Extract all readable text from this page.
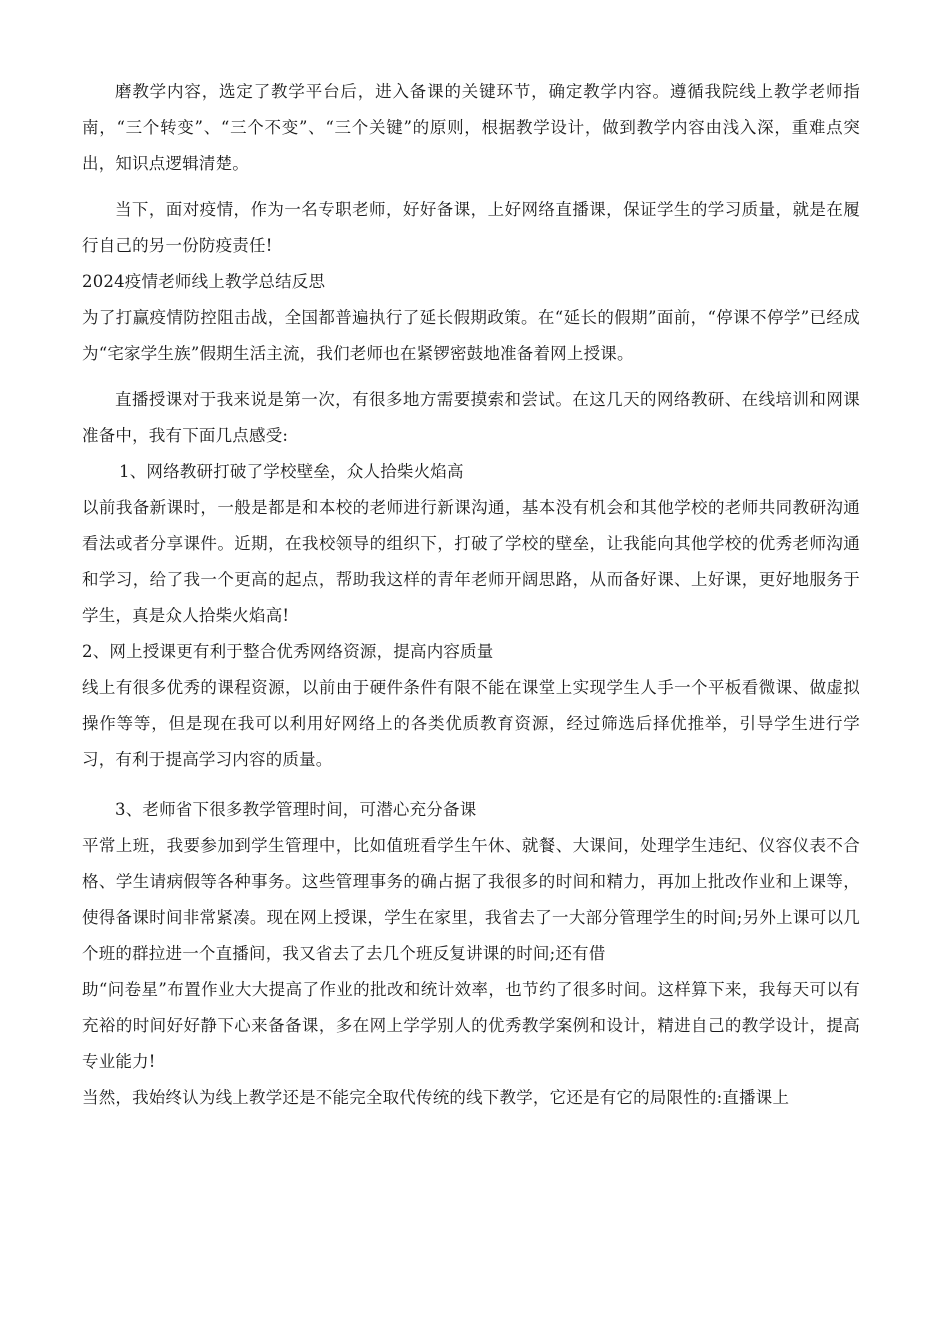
磨教学内容，选定了教学平台后，进入备课的关键环节，确定教学内容。遵循我院线上教学老师指南，“三个转变”、“三个不变”、“三个关键”的原则，根据教学设计，做到教学内容由浅入深，重难点突出，知识点逻辑清楚。

当下，面对疫情，作为一名专职老师，好好备课，上好网络直播课，保证学生的学习质量，就是在履行自己的另一份防疫责任!

2024疫情老师线上教学总结反思

为了打赢疫情防控阻击战，全国都普遍执行了延长假期政策。在“延长的假期”面前，“停课不停学”已经成为“宅家学生族”假期生活主流，我们老师也在紧锣密鼓地准备着网上授课。

直播授课对于我来说是第一次，有很多地方需要摸索和尝试。在这几天的网络教研、在线培训和网课准备中，我有下面几点感受:

1、网络教研打破了学校壁垒，众人拾柴火焰高

以前我备新课时，一般是都是和本校的老师进行新课沟通，基本没有机会和其他学校的老师共同教研沟通看法或者分享课件。近期，在我校领导的组织下，打破了学校的壁垒，让我能向其他学校的优秀老师沟通和学习，给了我一个更高的起点，帮助我这样的青年老师开阔思路，从而备好课、上好课，更好地服务于学生，真是众人拾柴火焰高!

2、网上授课更有利于整合优秀网络资源，提高内容质量

线上有很多优秀的课程资源，以前由于硬件条件有限不能在课堂上实现学生人手一个平板看微课、做虚拟操作等等，但是现在我可以利用好网络上的各类优质教育资源，经过筛选后择优推举，引导学生进行学习，有利于提高学习内容的质量。

3、老师省下很多教学管理时间，可潜心充分备课

平常上班，我要参加到学生管理中，比如值班看学生午休、就餐、大课间，处理学生违纪、仪容仪表不合格、学生请病假等各种事务。这些管理事务的确占据了我很多的时间和精力，再加上批改作业和上课等，使得备课时间非常紧凑。现在网上授课，学生在家里，我省去了一大部分管理学生的时间;另外上课可以几个班的群拉进一个直播间，我又省去了去几个班反复讲课的时间;还有借

助“问卷星”布置作业大大提高了作业的批改和统计效率，也节约了很多时间。这样算下来，我每天可以有充裕的时间好好静下心来备备课，多在网上学学别人的优秀教学案例和设计，精进自己的教学设计，提高专业能力!

当然，我始终认为线上教学还是不能完全取代传统的线下教学，它还是有它的局限性的:直播课上
